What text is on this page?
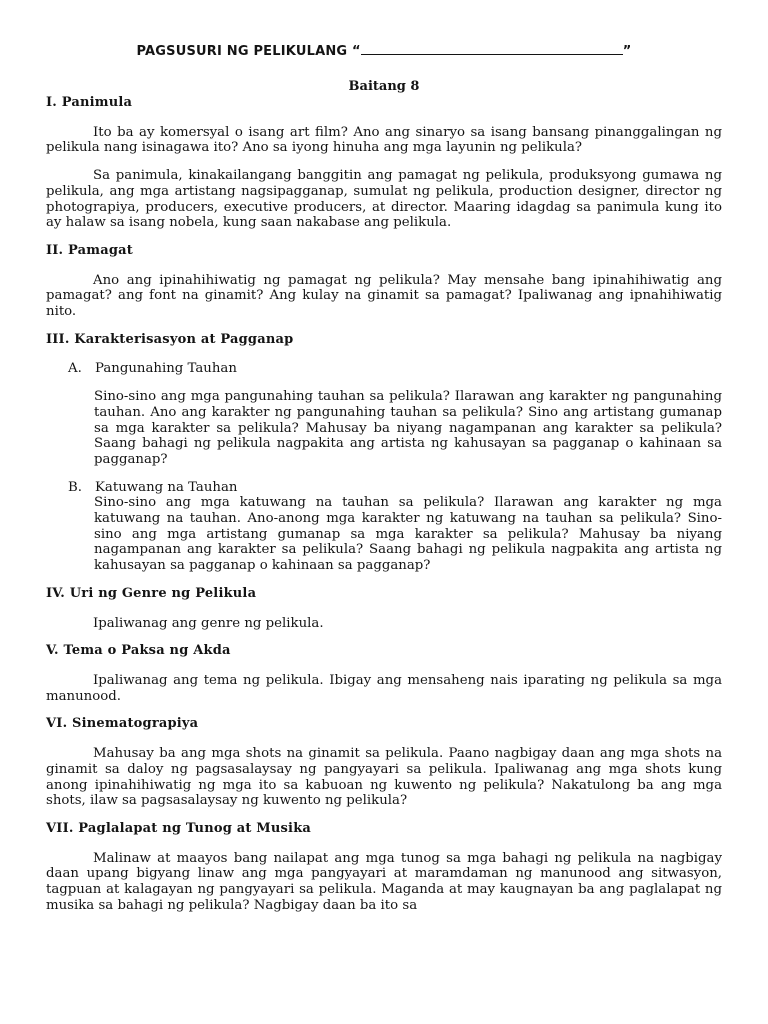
PAGSUSURI NG PELIKULANG “	”
Baitang 8
I. Panimula

Ito ba ay komersyal o isang art film? Ano ang sinaryo sa isang bansang pinanggalingan ng pelikula nang isinagawa ito? Ano sa iyong hinuha ang mga layunin ng pelikula?

Sa panimula, kinakailangang banggitin ang pamagat ng pelikula, produksyong gumawa ng pelikula, ang mga artistang nagsipagganap, sumulat ng pelikula, production designer, director ng photograpiya, producers, executive producers, at director. Maaring idagdag sa panimula kung ito ay halaw sa isang nobela, kung saan nakabase ang pelikula.

II. Pamagat

Ano ang ipinahihiwatig ng pamagat ng pelikula? May mensahe bang ipinahihiwatig ang pamagat? ang font na ginamit? Ang kulay na ginamit sa pamagat? Ipaliwanag ang ipnahihiwatig nito.

III. Karakterisasyon at Pagganap
A. Pangunahing Tauhan
Sino-sino ang mga pangunahing tauhan sa pelikula? Ilarawan ang karakter ng pangunahing tauhan. Ano ang karakter ng pangunahing tauhan sa pelikula? Sino ang artistang gumanap sa mga karakter sa pelikula? Mahusay ba niyang nagampanan ang karakter sa pelikula? Saang bahagi ng pelikula nagpakita ang artista ng kahusayan sa pagganap o kahinaan sa pagganap?
B. Katuwang na Tauhan
Sino-sino ang mga katuwang na tauhan sa pelikula? Ilarawan ang karakter ng mga katuwang na tauhan. Ano-anong mga karakter ng katuwang na tauhan sa pelikula? Sino-sino ang mga artistang gumanap sa mga karakter sa pelikula? Mahusay ba niyang nagampanan ang karakter sa pelikula? Saang bahagi ng pelikula nagpakita ang artista ng kahusayan sa pagganap o kahinaan sa pagganap?
IV. Uri ng Genre ng Pelikula

Ipaliwanag ang genre ng pelikula.

V. Tema o Paksa ng Akda

Ipaliwanag ang tema ng pelikula. Ibigay ang mensaheng nais iparating ng pelikula sa mga manunood.

VI. Sinematograpiya

Mahusay ba ang mga shots na ginamit sa pelikula. Paano nagbigay daan ang mga shots na ginamit sa daloy ng pagsasalaysay ng pangyayari sa pelikula. Ipaliwanag ang mga shots kung anong ipinahihiwatig ng mga ito sa kabuoan ng kuwento ng pelikula? Nakatulong ba ang mga shots, ilaw sa pagsasalaysay ng kuwento ng pelikula?

VII. Paglalapat ng Tunog at Musika

Malinaw at maayos bang nailapat ang mga tunog sa mga bahagi ng pelikula na nagbigay daan upang bigyang linaw ang mga pangyayari at maramdaman ng manunood ang sitwasyon, tagpuan at kalagayan ng pangyayari sa pelikula. Maganda at may kaugnayan ba ang paglalapat ng musika sa bahagi ng pelikula? Nagbigay daan ba ito sa
